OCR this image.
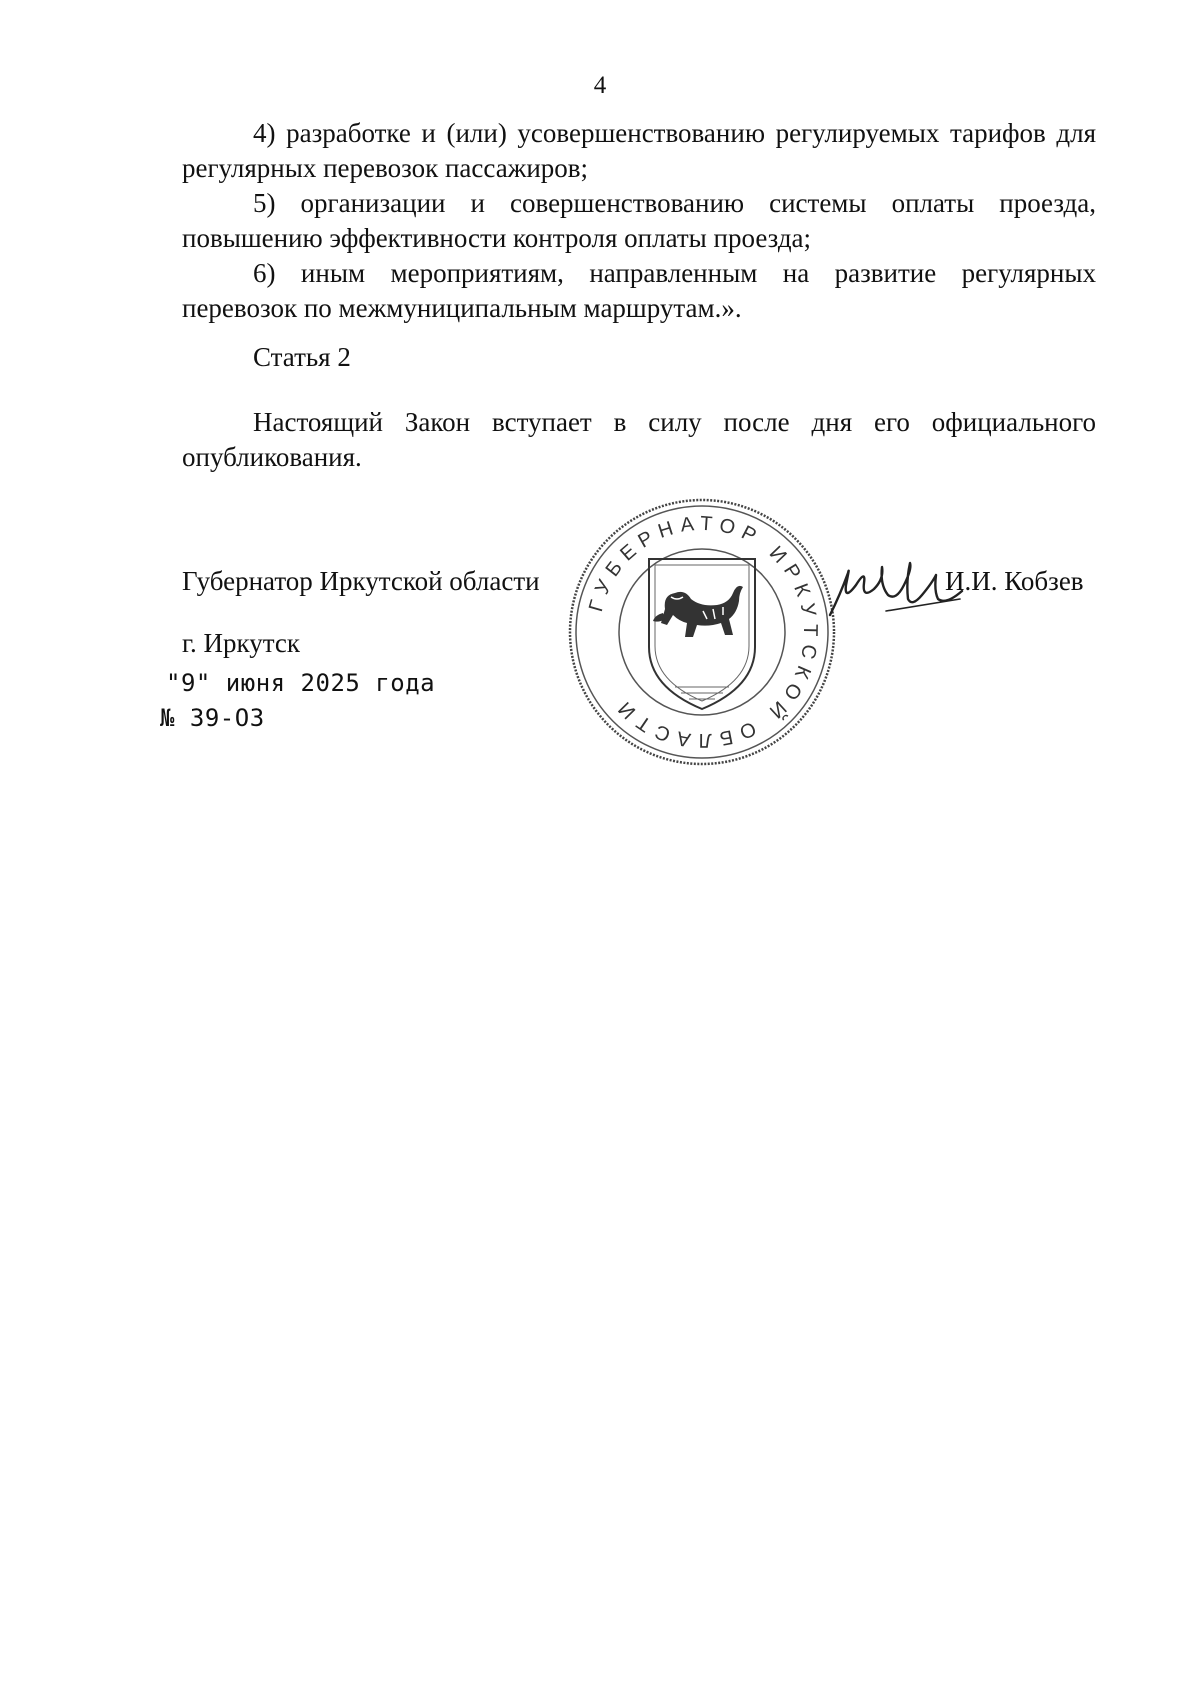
4

4) разработке и (или) усовершенствованию регулируемых тарифов для регулярных перевозок пассажиров;

5) организации и совершенствованию системы оплаты проезда, повышению эффективности контроля оплаты проезда;

6) иным мероприятиям, направленным на развитие регулярных перевозок по межмуниципальным маршрутам.».

Статья 2

Настоящий Закон вступает в силу после дня его официального опубликования.

Губернатор Иркутской области
ГУБЕРНАТОР ИРКУТСКОЙ ОБЛАСТИ
И.И. Кобзев
г. Иркутск
"9" июня 2025 года
№ 39-ОЗ
